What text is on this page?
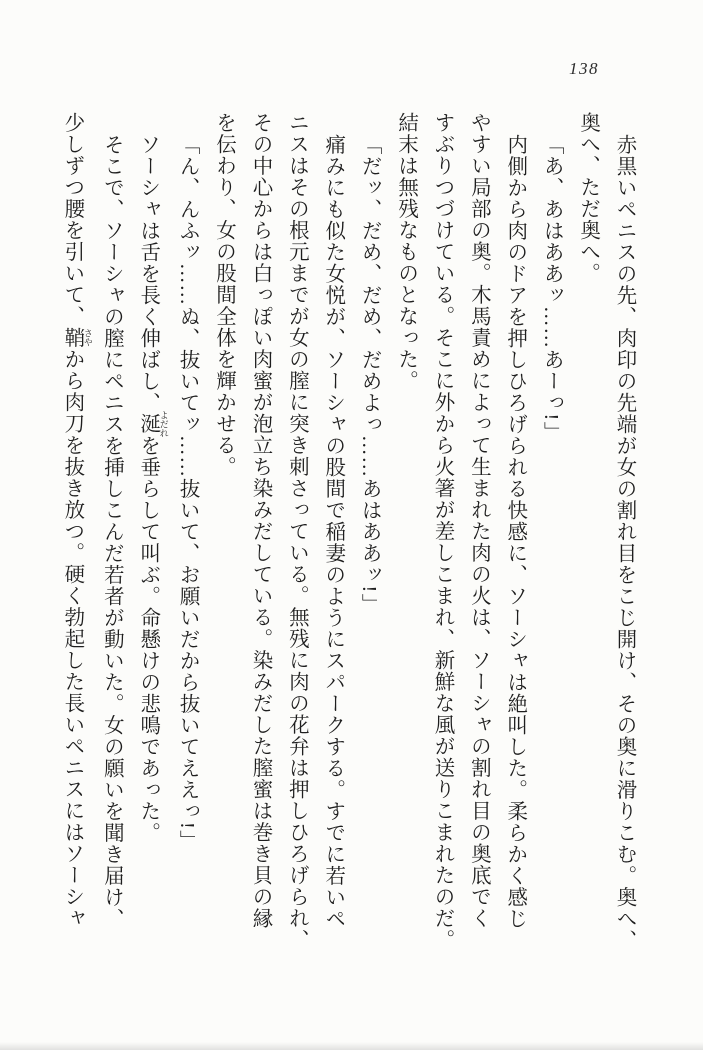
138

赤黒いペニスの先、肉印の先端が女の割れ目をこじ開け、その奥に滑りこむ。奥へ、

奥へ、ただ奥へ。

「あ、あはああッ……あーっ!」

内側から肉のドアを押しひろげられる快感に、ソーシャは絶叫した。柔らかく感じ

やすい局部の奥。木馬責めによって生まれた肉の火は、ソーシャの割れ目の奥底でく

すぶりつづけている。そこに外から火箸が差しこまれ、新鮮な風が送りこまれたのだ。

結末は無残なものとなった。

「だッ、だめ、だめ、だめよっ……あはああッ!」

痛みにも似た女悦が、ソーシャの股間で稲妻のようにスパークする。すでに若いペ

ニスはその根元までが女の膣に突き刺さっている。無残に肉の花弁は押しひろげられ、

その中心からは白っぽい肉蜜が泡立ち染みだしている。染みだした膣蜜は巻き貝の縁

を伝わり、女の股間全体を輝かせる。

「ん、んふッ……ぬ、抜いてッ……抜いて、お願いだから抜いてええっ!」

ソーシャは舌を長く伸ばし、涎 よだれを垂らして叫ぶ。命懸けの悲鳴であった。

そこで、ソーシャの膣にペニスを挿しこんだ若者が動いた。女の願いを聞き届け、

少しずつ腰を引いて、鞘 さやから肉刀を抜き放つ。硬く勃起した長いペニスにはソーシャ
